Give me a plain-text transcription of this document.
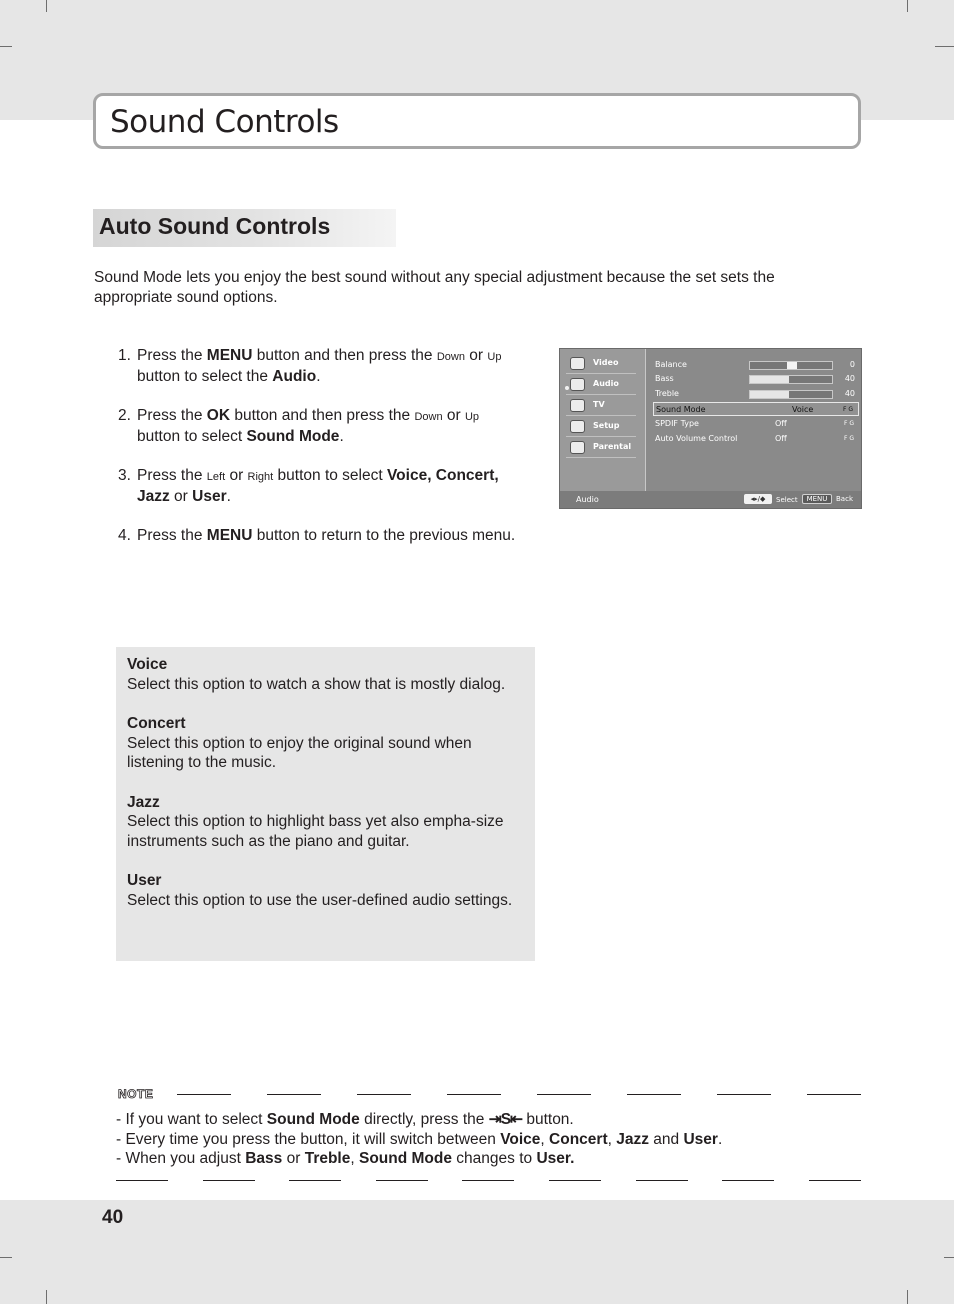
Sound Controls
Auto Sound Controls
Sound Mode lets you enjoy the best sound without any special adjustment because the set sets the appropriate sound options.
1. Press the MENU button and then press the Down or Up button to select the Audio.
2. Press the OK button and then press the Down or Up button to select Sound Mode.
3. Press the Left or Right button to select Voice, Concert, Jazz or User.
4. Press the MENU button to return to the previous menu.
Video
Audio
TV
Setup
Parental
Balance	0
Bass	40
Treble	40
Sound Mode	Voice	F G
SPDIF Type	Off	F G
Auto Volume Control	Off	F G
Audio	◂▸/◆	Select	MENU	Back
Voice
Select this option to watch a show that is mostly dialog.
Concert
Select this option to enjoy the original sound when listening to the music.
Jazz
Select this option to highlight bass yet also empha-size instruments such as the piano and guitar.
User
Select this option to use the user-defined audio settings.
NOTE
- If you want to select Sound Mode directly, press the ⇥S⇤ button.
- Every time you press the button, it will switch between Voice, Concert, Jazz and User.
- When you adjust Bass or Treble, Sound Mode changes to User.
40
